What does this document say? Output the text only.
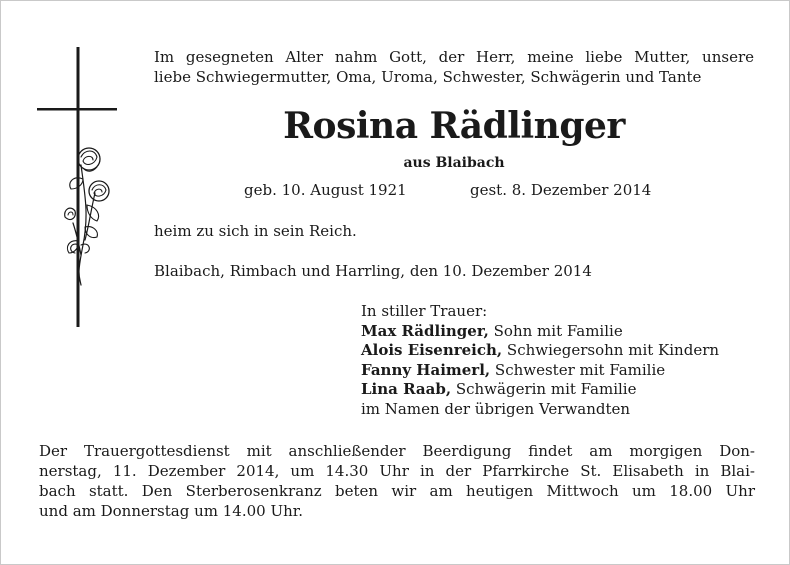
Im gesegneten Alter nahm Gott, der Herr, meine liebe Mutter, unsere
liebe Schwiegermutter, Oma, Uroma, Schwester, Schwägerin und Tante
Rosina Rädlinger
aus Blaibach
geb. 10. August 1921	gest. 8. Dezember 2014
heim zu sich in sein Reich.
Blaibach, Rimbach und Harrling, den 10. Dezember 2014
In stiller Trauer:
Max Rädlinger, Sohn mit Familie
Alois Eisenreich, Schwiegersohn mit Kindern
Fanny Haimerl, Schwester mit Familie
Lina Raab, Schwägerin mit Familie
im Namen der übrigen Verwandten
Der Trauergottesdienst mit anschließender Beerdigung findet am morgigen Don-
nerstag, 11. Dezember 2014, um 14.30 Uhr in der Pfarrkirche St. Elisabeth in Blai-
bach statt. Den Sterberosenkranz beten wir am heutigen Mittwoch um 18.00 Uhr
und am Donnerstag um 14.00 Uhr.
